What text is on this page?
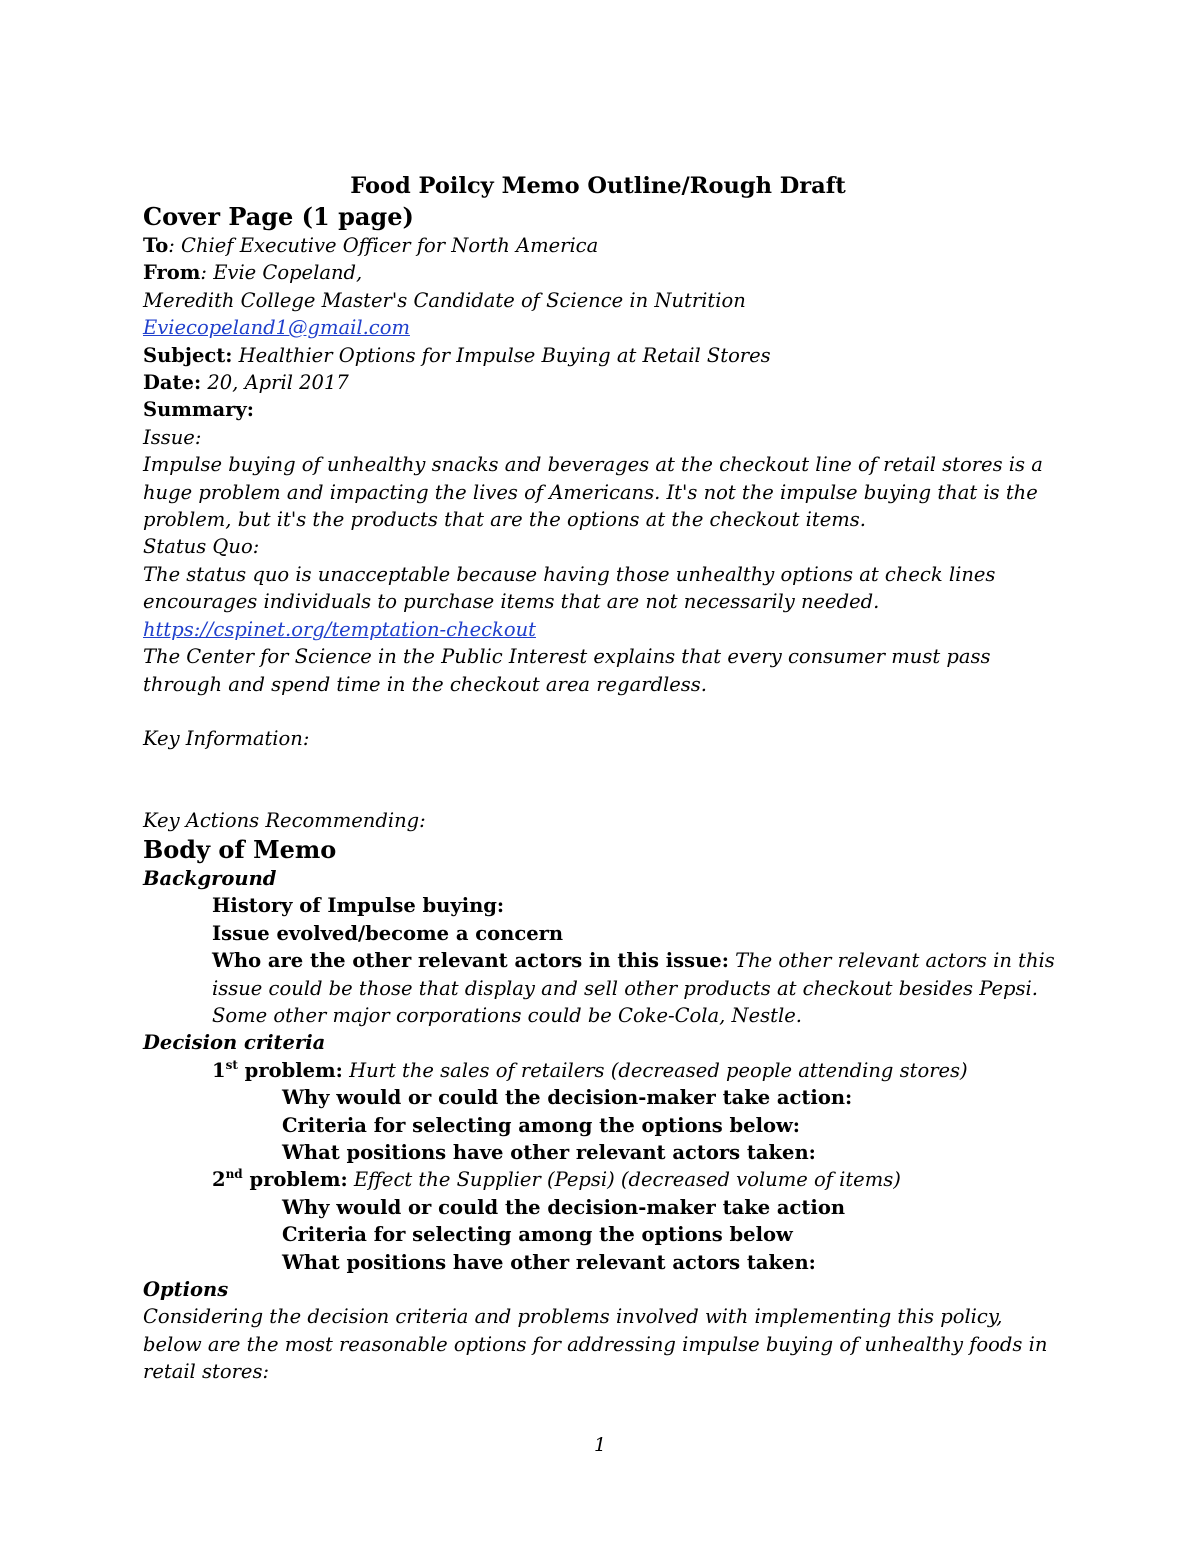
Food Poilcy Memo Outline/Rough Draft
Cover Page (1 page)
To: Chief Executive Officer for North America
From: Evie Copeland,
Meredith College Master's Candidate of Science in Nutrition
Eviecopeland1@gmail.com
Subject: Healthier Options for Impulse Buying at Retail Stores
Date: 20, April 2017
Summary:
Issue:
Impulse buying of unhealthy snacks and beverages at the checkout line of retail stores is a huge problem and impacting the lives of Americans. It's not the impulse buying that is the problem, but it's the products that are the options at the checkout items.
Status Quo:
The status quo is unacceptable because having those unhealthy options at check lines encourages individuals to purchase items that are not necessarily needed.
https://cspinet.org/temptation-checkout
The Center for Science in the Public Interest explains that every consumer must pass through and spend time in the checkout area regardless.
Key Information:
Key Actions Recommending:
Body of Memo
Background
History of Impulse buying:
Issue evolved/become a concern
Who are the other relevant actors in this issue: The other relevant actors in this issue could be those that display and sell other products at checkout besides Pepsi. Some other major corporations could be Coke-Cola, Nestle.
Decision criteria
1st problem: Hurt the sales of retailers (decreased people attending stores)
Why would or could the decision-maker take action:
Criteria for selecting among the options below:
What positions have other relevant actors taken:
2nd problem: Effect the Supplier (Pepsi) (decreased volume of items)
Why would or could the decision-maker take action
Criteria for selecting among the options below
What positions have other relevant actors taken:
Options
Considering the decision criteria and problems involved with implementing this policy, below are the most reasonable options for addressing impulse buying of unhealthy foods in retail stores:
1
